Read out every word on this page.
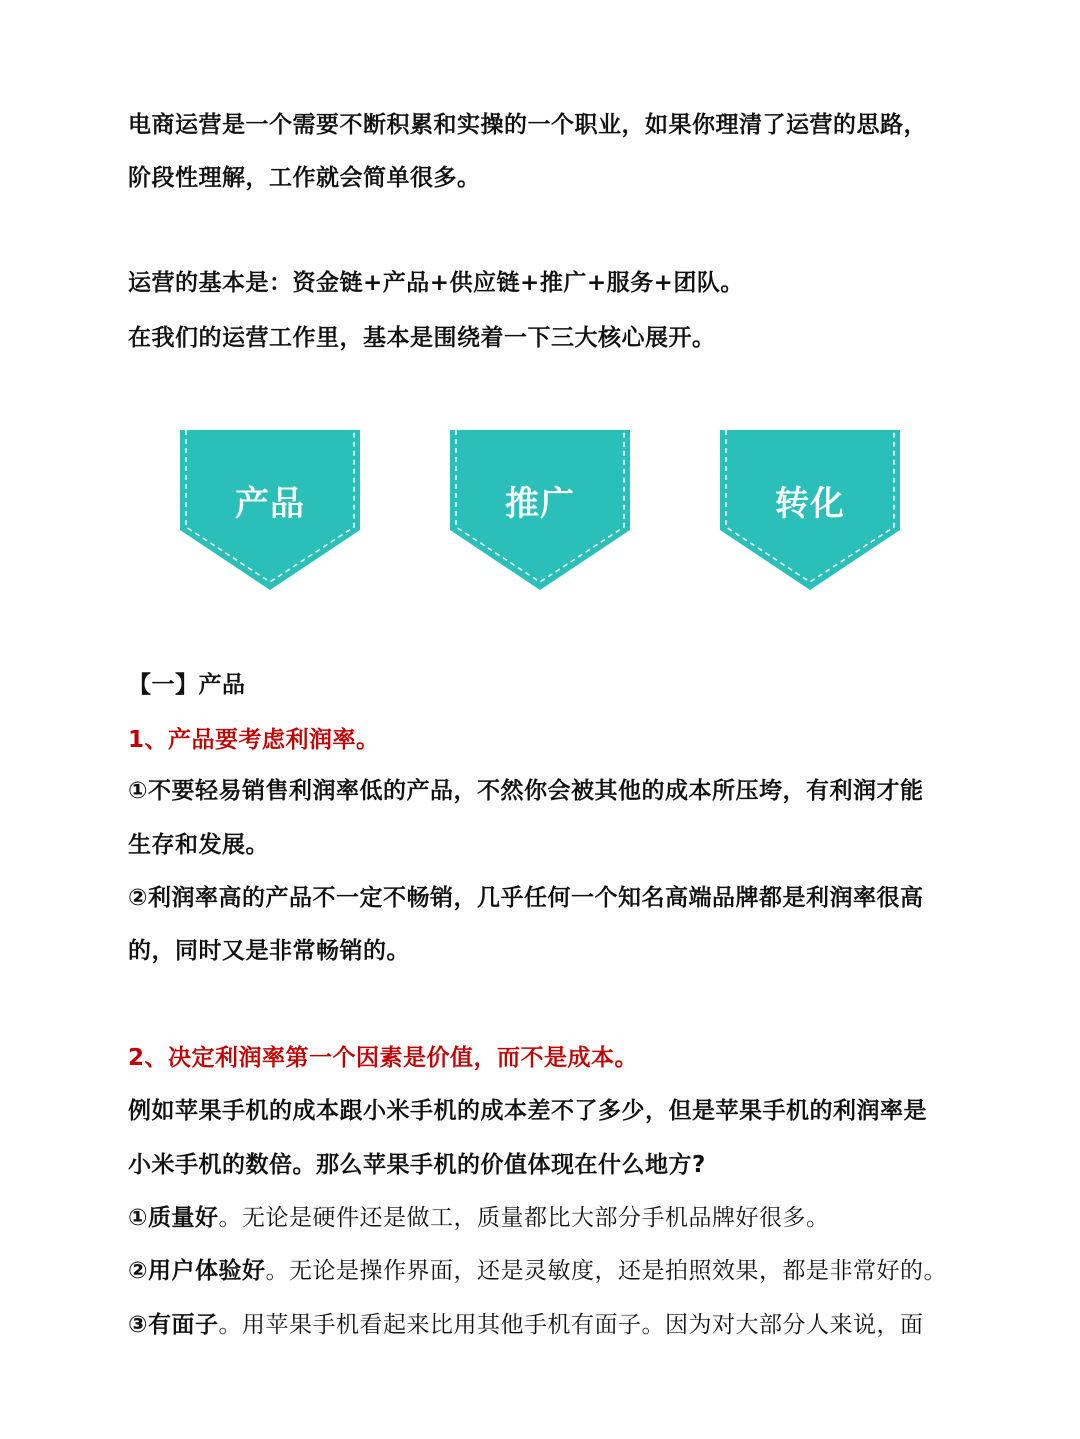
电商运营是一个需要不断积累和实操的一个职业，如果你理清了运营的思路，

阶段性理解，工作就会简单很多。

运营的基本是：资金链+产品+供应链+推广+服务+团队。

在我们的运营工作里，基本是围绕着一下三大核心展开。

产品	推广	转化

【一】产品

1、产品要考虑利润率。

①不要轻易销售利润率低的产品，不然你会被其他的成本所压垮，有利润才能

生存和发展。

②利润率高的产品不一定不畅销，几乎任何一个知名高端品牌都是利润率很高

的，同时又是非常畅销的。

2、决定利润率第一个因素是价值，而不是成本。

例如苹果手机的成本跟小米手机的成本差不了多少，但是苹果手机的利润率是

小米手机的数倍。那么苹果手机的价值体现在什么地方?

①质量好。无论是硬件还是做工，质量都比大部分手机品牌好很多。

②用户体验好。无论是操作界面，还是灵敏度，还是拍照效果，都是非常好的。

③有面子。用苹果手机看起来比用其他手机有面子。因为对大部分人来说，面
